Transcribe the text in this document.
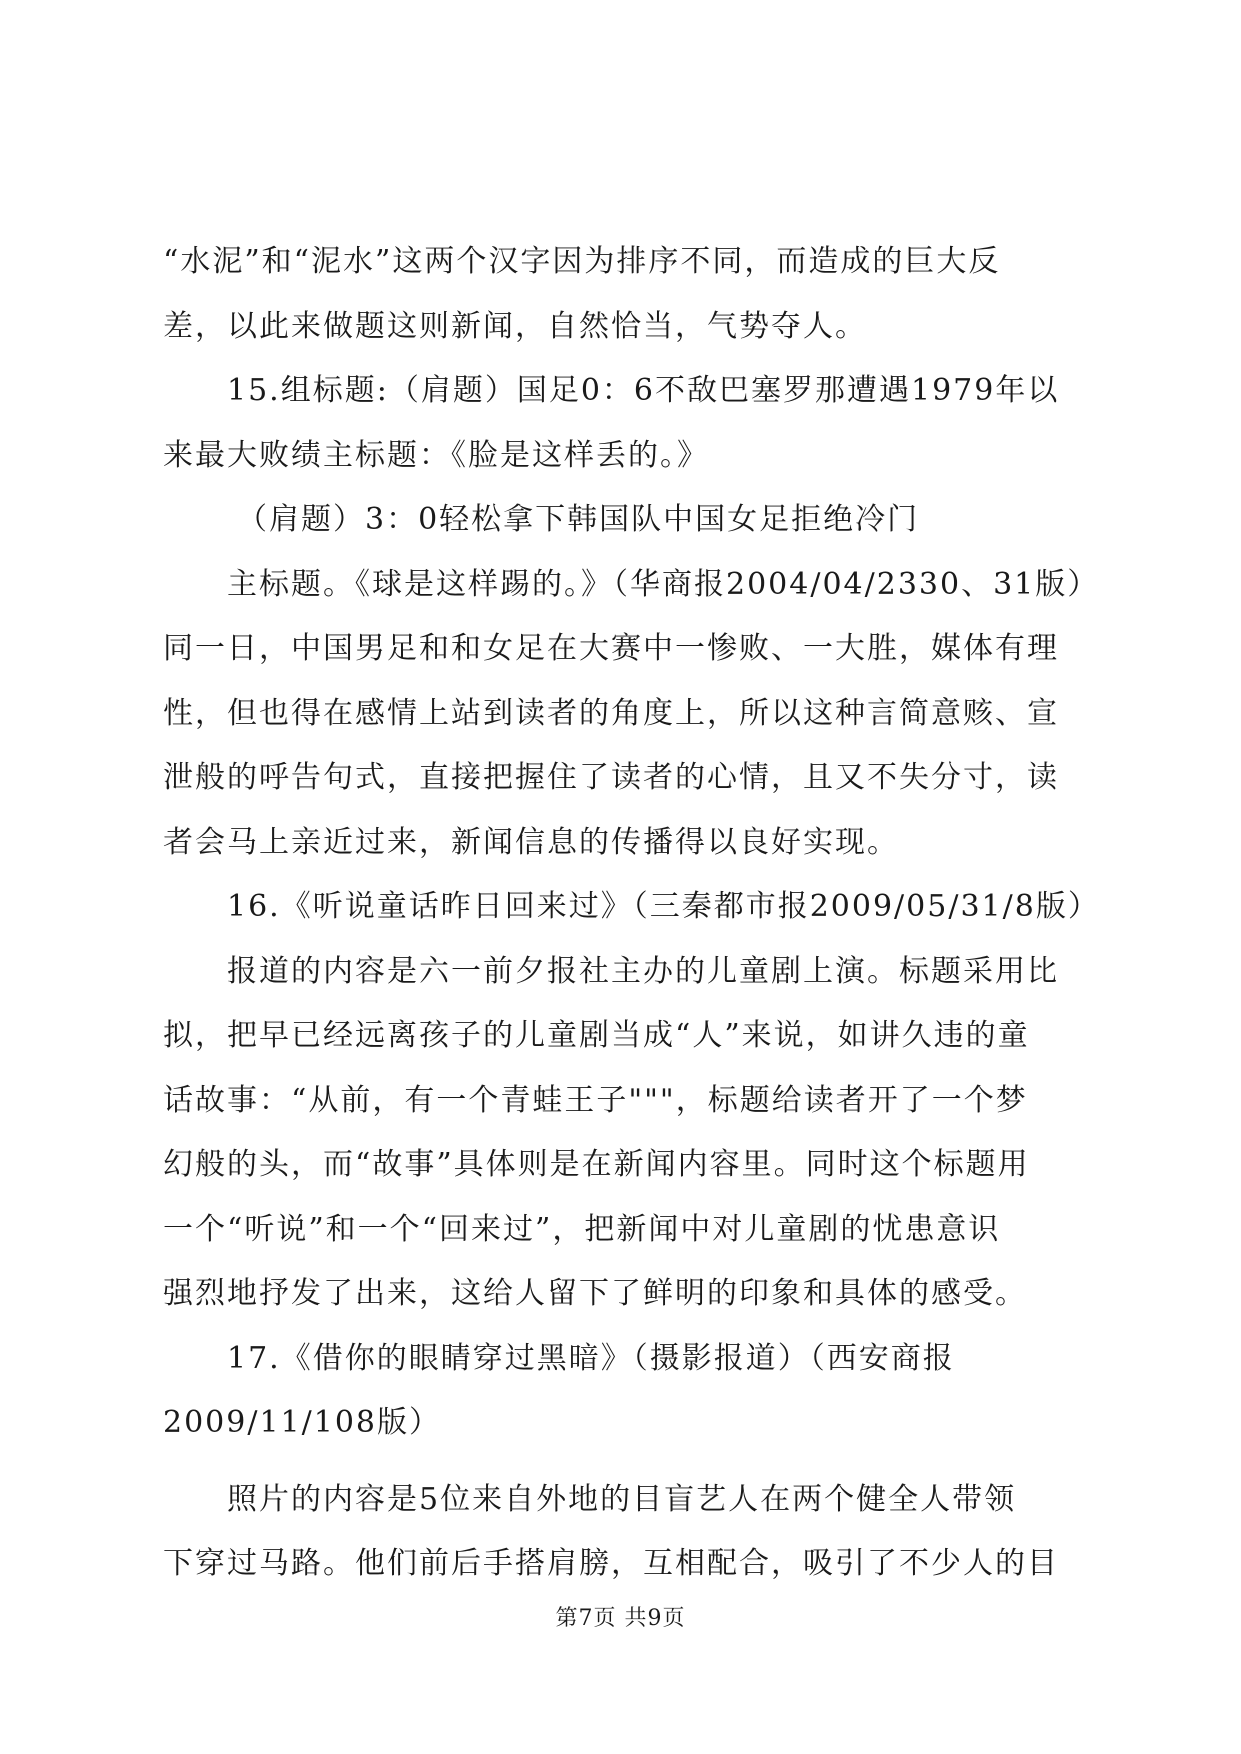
“水泥”和“泥水”这两个汉字因为排序不同，而造成的巨大反
差，以此来做题这则新闻，自然恰当，气势夺人。
15.组标题:（肩题）国足0：6不敌巴塞罗那遭遇1979年以
来最大败绩主标题：《脸是这样丢的。》
（肩题）3：0轻松拿下韩国队中国女足拒绝冷门
主标题。《球是这样踢的。》（华商报2004/04/2330、31版）
同一日，中国男足和和女足在大赛中一惨败、一大胜，媒体有理
性，但也得在感情上站到读者的角度上，所以这种言简意赅、宣
泄般的呼告句式，直接把握住了读者的心情，且又不失分寸，读
者会马上亲近过来，新闻信息的传播得以良好实现。
16.《听说童话昨日回来过》（三秦都市报2009/05/31/8版）
报道的内容是六一前夕报社主办的儿童剧上演。标题采用比
拟，把早已经远离孩子的儿童剧当成“人”来说，如讲久违的童
话故事：“从前，有一个青蛙王子"""，标题给读者开了一个梦
幻般的头，而“故事”具体则是在新闻内容里。同时这个标题用
一个“听说”和一个“回来过”，把新闻中对儿童剧的忧患意识
强烈地抒发了出来，这给人留下了鲜明的印象和具体的感受。
17.《借你的眼睛穿过黑暗》（摄影报道）（西安商报
2009/11/108版）
照片的内容是5位来自外地的目盲艺人在两个健全人带领
下穿过马路。他们前后手搭肩膀，互相配合，吸引了不少人的目
第7页 共9页
